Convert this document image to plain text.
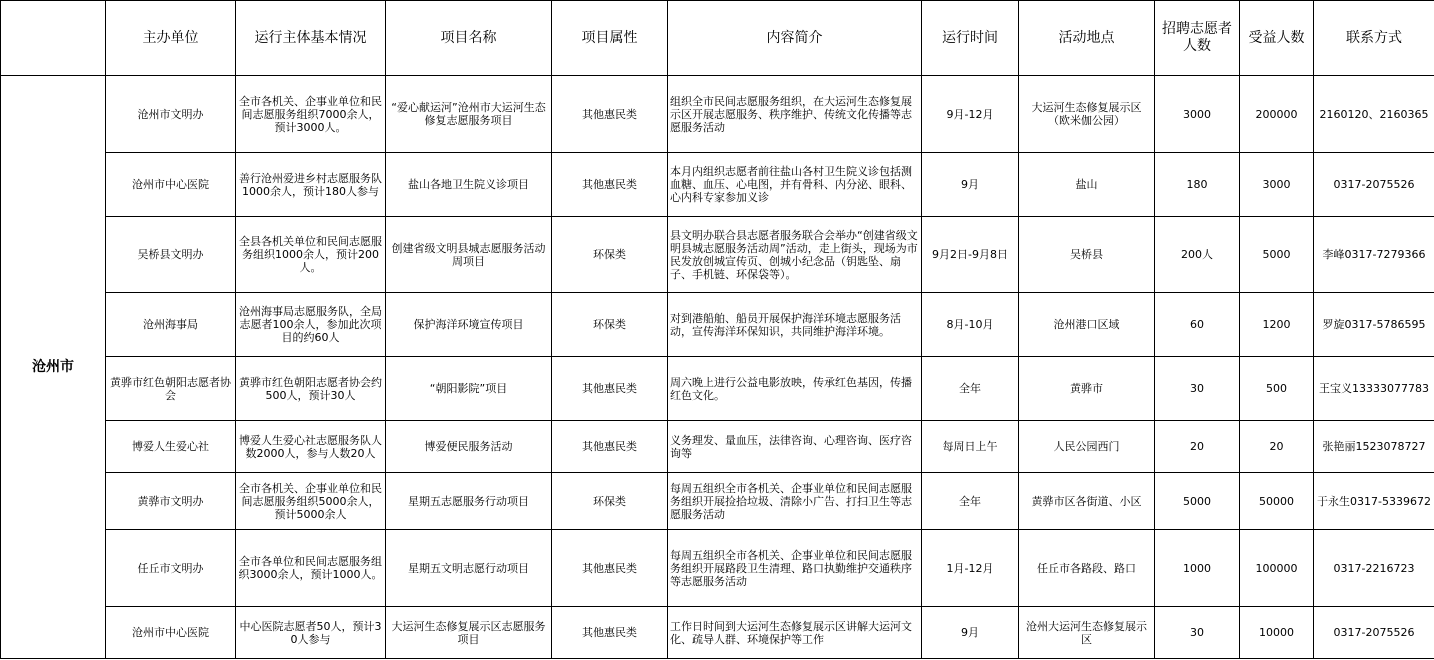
	主办单位	运行主体基本情况	项目名称	项目属性	内容简介	运行时间	活动地点	招聘志愿者人数	受益人数	联系方式
沧州市	沧州市文明办	全市各机关、企事业单位和民间志愿服务组织7000余人，预计3000人。	“爱心献运河”沧州市大运河生态修复志愿服务项目	其他惠民类	组织全市民间志愿服务组织，在大运河生态修复展示区开展志愿服务、秩序维护、传统文化传播等志愿服务活动	9月-12月	大运河生态修复展示区（欧米伽公园）	3000	200000	2160120、2160365
	沧州市中心医院	善行沧州爱进乡村志愿服务队1000余人，预计180人参与	盐山各地卫生院义诊项目	其他惠民类	本月内组织志愿者前往盐山各村卫生院义诊包括测血糖、血压、心电图，并有骨科、内分泌、眼科、心内科专家参加义诊	9月	盐山	180	3000	0317-2075526
	吴桥县文明办	全县各机关单位和民间志愿服务组织1000余人，预计200人。	创建省级文明县城志愿服务活动周项目	环保类	县文明办联合县志愿者服务联合会举办“创建省级文明县城志愿服务活动周”活动，走上街头，现场为市民发放创城宣传页、创城小纪念品（钥匙坠、扇子、手机链、环保袋等）。	9月2日-9月8日	吴桥县	200人	5000	李峰0317-7279366
	沧州海事局	沧州海事局志愿服务队，全局志愿者100余人，参加此次项目的约60人	保护海洋环境宣传项目	环保类	对到港船舶、船员开展保护海洋环境志愿服务活动，宣传海洋环保知识，共同维护海洋环境。	8月-10月	沧州港口区域	60	1200	罗旋0317-5786595
	黄骅市红色朝阳志愿者协会	黄骅市红色朝阳志愿者协会约500人，预计30人	“朝阳影院”项目	其他惠民类	周六晚上进行公益电影放映，传承红色基因，传播红色文化。	全年	黄骅市	30	500	王宝义13333077783
	博爱人生爱心社	博爱人生爱心社志愿服务队人数2000人，参与人数20人	博爱便民服务活动	其他惠民类	义务理发、量血压，法律咨询、心理咨询、医疗咨询等	每周日上午	人民公园西门	20	20	张艳丽1523078727
	黄骅市文明办	全市各机关、企事业单位和民间志愿服务组织5000余人，预计5000余人	星期五志愿服务行动项目	环保类	每周五组织全市各机关、企事业单位和民间志愿服务组织开展捡拾垃圾、清除小广告、打扫卫生等志愿服务活动	全年	黄骅市区各街道、小区	5000	50000	于永生0317-5339672
	任丘市文明办	全市各单位和民间志愿服务组织3000余人，预计1000人。	星期五文明志愿行动项目	其他惠民类	每周五组织全市各机关、企事业单位和民间志愿服务组织开展路段卫生清理、路口执勤维护交通秩序等志愿服务活动	1月-12月	任丘市各路段、路口	1000	100000	0317-2216723
	沧州市中心医院	中心医院志愿者50人，预计30人参与	大运河生态修复展示区志愿服务项目	其他惠民类	工作日时间到大运河生态修复展示区讲解大运河文化、疏导人群、环境保护等工作	9月	沧州大运河生态修复展示区	30	10000	0317-2075526
